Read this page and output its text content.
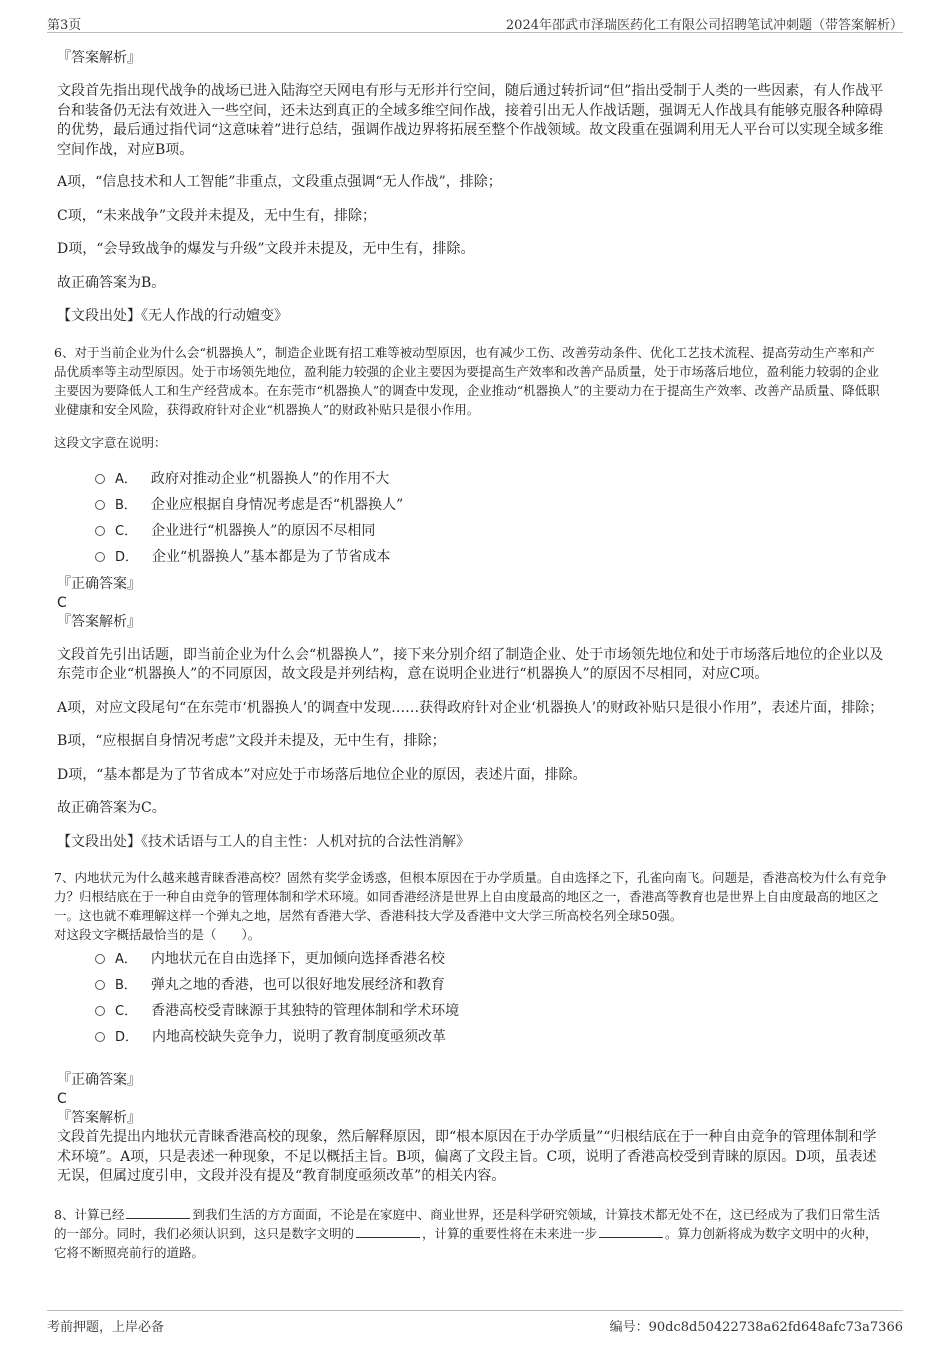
第3页	2024年邵武市泽瑞医药化工有限公司招聘笔试冲刺题（带答案解析）

『答案解析』

文段首先指出现代战争的战场已进入陆海空天网电有形与无形并行空间，随后通过转折词“但”指出受制于人类的一些因素，有人作战平台和装备仍无法有效进入一些空间，还未达到真正的全域多维空间作战，接着引出无人作战话题，强调无人作战具有能够克服各种障碍的优势，最后通过指代词“这意味着”进行总结，强调作战边界将拓展至整个作战领域。故文段重在强调利用无人平台可以实现全域多维空间作战，对应B项。

A项，“信息技术和人工智能”非重点，文段重点强调“无人作战”，排除；

C项，“未来战争”文段并未提及，无中生有，排除；

D项，“会导致战争的爆发与升级”文段并未提及，无中生有，排除。

故正确答案为B。

【文段出处】《无人作战的行动嬗变》

6、对于当前企业为什么会“机器换人”，制造企业既有招工难等被动型原因，也有减少工伤、改善劳动条件、优化工艺技术流程、提高劳动生产率和产品优质率等主动型原因。处于市场领先地位，盈利能力较强的企业主要因为要提高生产效率和改善产品质量，处于市场落后地位，盈利能力较弱的企业主要因为要降低人工和生产经营成本。在东莞市“机器换人”的调查中发现，企业推动“机器换人”的主要动力在于提高生产效率、改善产品质量、降低职业健康和安全风险，获得政府针对企业“机器换人”的财政补贴只是很小作用。

这段文字意在说明：

A． 政府对推动企业“机器换人”的作用不大
B． 企业应根据自身情况考虑是否“机器换人”
C． 企业进行“机器换人”的原因不尽相同
D． 企业“机器换人”基本都是为了节省成本

『正确答案』

C

『答案解析』

文段首先引出话题，即当前企业为什么会“机器换人”，接下来分别介绍了制造企业、处于市场领先地位和处于市场落后地位的企业以及东莞市企业“机器换人”的不同原因，故文段是并列结构，意在说明企业进行“机器换人”的原因不尽相同，对应C项。

A项，对应文段尾句“在东莞市‘机器换人’的调查中发现……获得政府针对企业‘机器换人’的财政补贴只是很小作用”，表述片面，排除；

B项，“应根据自身情况考虑”文段并未提及，无中生有，排除；

D项，“基本都是为了节省成本”对应处于市场落后地位企业的原因，表述片面，排除。

故正确答案为C。

【文段出处】《技术话语与工人的自主性：人机对抗的合法性消解》

7、内地状元为什么越来越青睐香港高校？固然有奖学金诱惑，但根本原因在于办学质量。自由选择之下，孔雀向南飞。问题是，香港高校为什么有竞争力？归根结底在于一种自由竞争的管理体制和学术环境。如同香港经济是世界上自由度最高的地区之一，香港高等教育也是世界上自由度最高的地区之一。这也就不难理解这样一个弹丸之地，居然有香港大学、香港科技大学及香港中文大学三所高校名列全球50强。

对这段文字概括最恰当的是（　　）。

A． 内地状元在自由选择下，更加倾向选择香港名校
B． 弹丸之地的香港，也可以很好地发展经济和教育
C． 香港高校受青睐源于其独特的管理体制和学术环境
D． 内地高校缺失竞争力，说明了教育制度亟须改革

『正确答案』

C

『答案解析』

文段首先提出内地状元青睐香港高校的现象，然后解释原因，即“根本原因在于办学质量”“归根结底在于一种自由竞争的管理体制和学术环境”。A项，只是表述一种现象，不足以概括主旨。B项，偏离了文段主旨。C项，说明了香港高校受到青睐的原因。D项，虽表述无误，但属过度引申，文段并没有提及“教育制度亟须改革”的相关内容。

8、计算已经	到我们生活的方方面面，不论是在家庭中、商业世界，还是科学研究领域，计算技术都无处不在，这已经成为了我们日常生活的一部分。同时，我们必须认识到，这只是数字文明的	，计算的重要性将在未来进一步	。算力创新将成为数字文明中的火种，它将不断照亮前行的道路。

考前押题，上岸必备	编号：90dc8d50422738a62fd648afc73a7366
